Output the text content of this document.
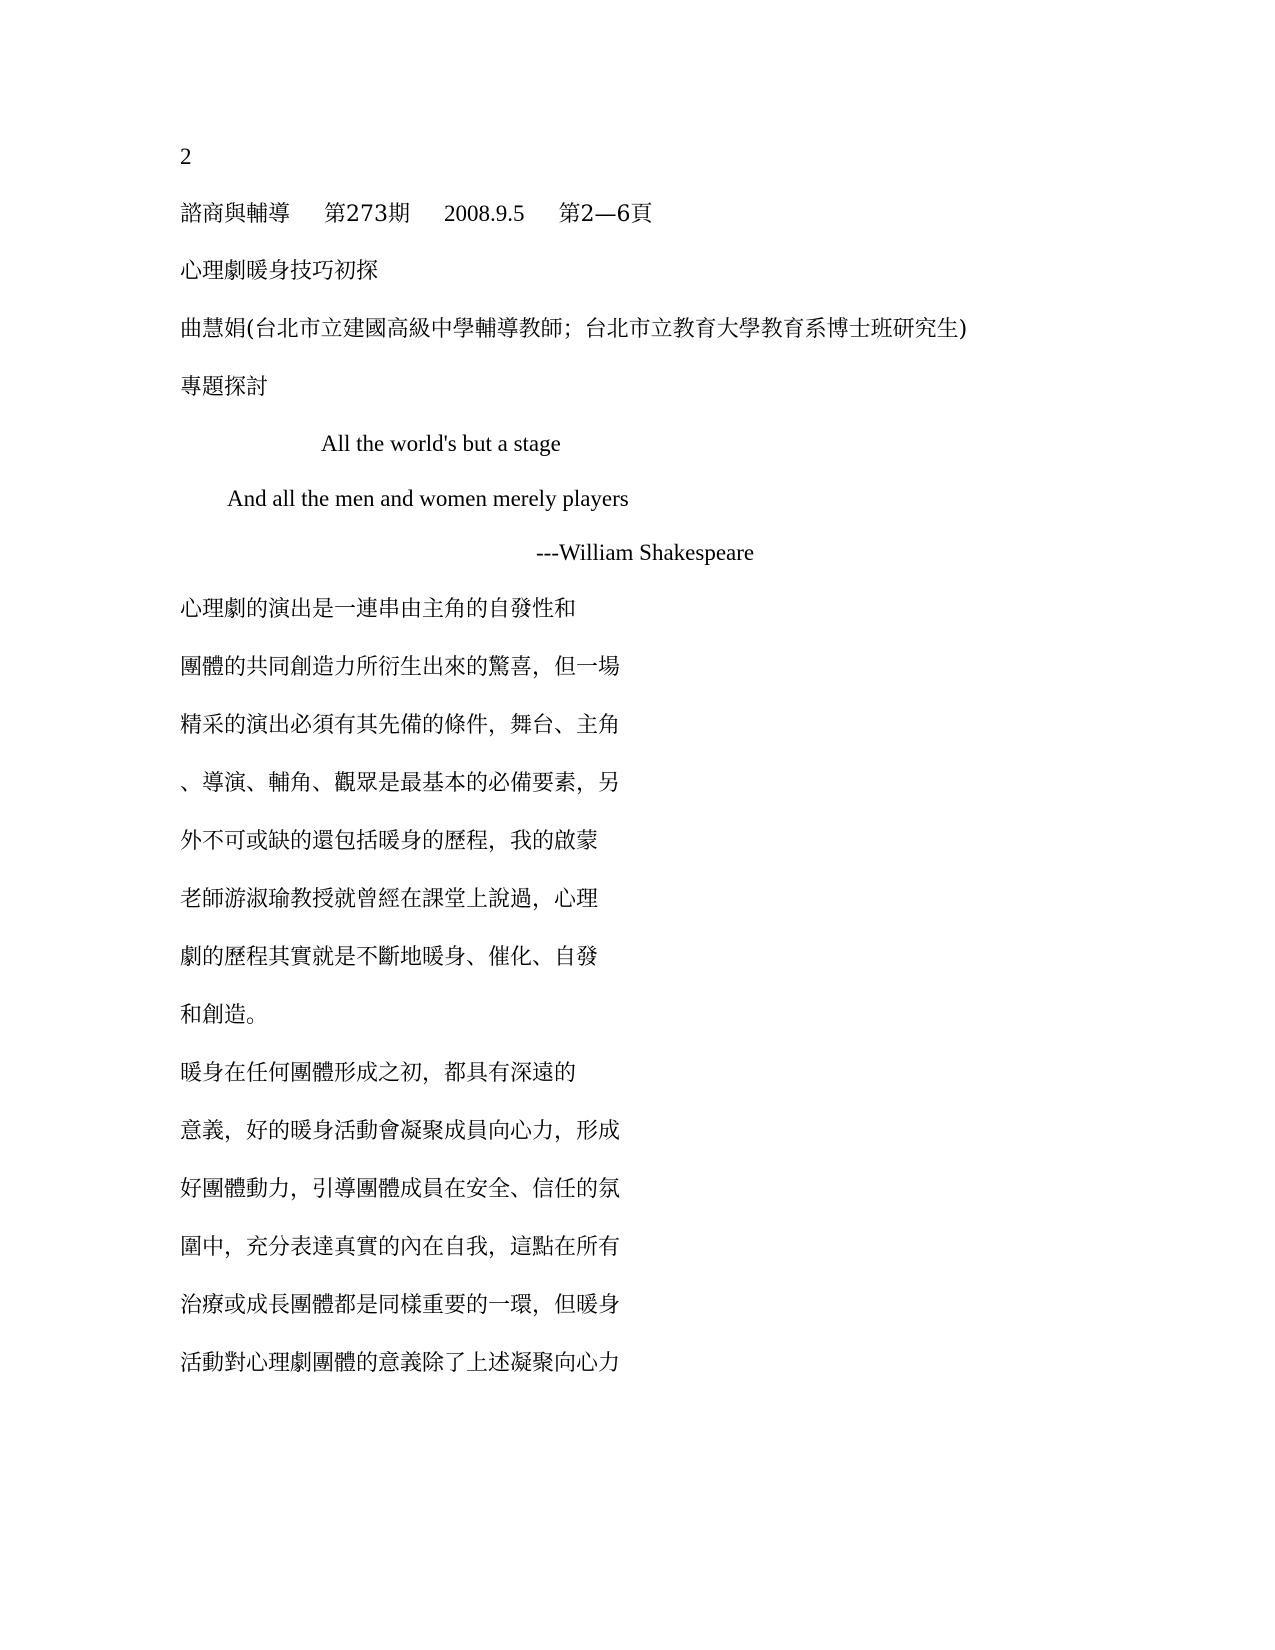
2
諮商與輔導 第273期 2008.9.5 第2—6頁
心理劇暖身技巧初探
曲慧娟(台北市立建國高級中學輔導教師；台北市立教育大學教育系博士班研究生)
專題探討
All the world's but a stage
And all the men and women merely players
---William Shakespeare
心理劇的演出是一連串由主角的自發性和
團體的共同創造力所衍生出來的驚喜，但一場
精采的演出必須有其先備的條件，舞台、主角
、導演、輔角、觀眾是最基本的必備要素，另
外不可或缺的還包括暖身的歷程，我的啟蒙
老師游淑瑜教授就曾經在課堂上說過，心理
劇的歷程其實就是不斷地暖身、催化、自發
和創造。
暖身在任何團體形成之初，都具有深遠的
意義，好的暖身活動會凝聚成員向心力，形成
好團體動力，引導團體成員在安全、信任的氛
圍中，充分表達真實的內在自我，這點在所有
治療或成長團體都是同樣重要的一環，但暖身
活動對心理劇團體的意義除了上述凝聚向心力
